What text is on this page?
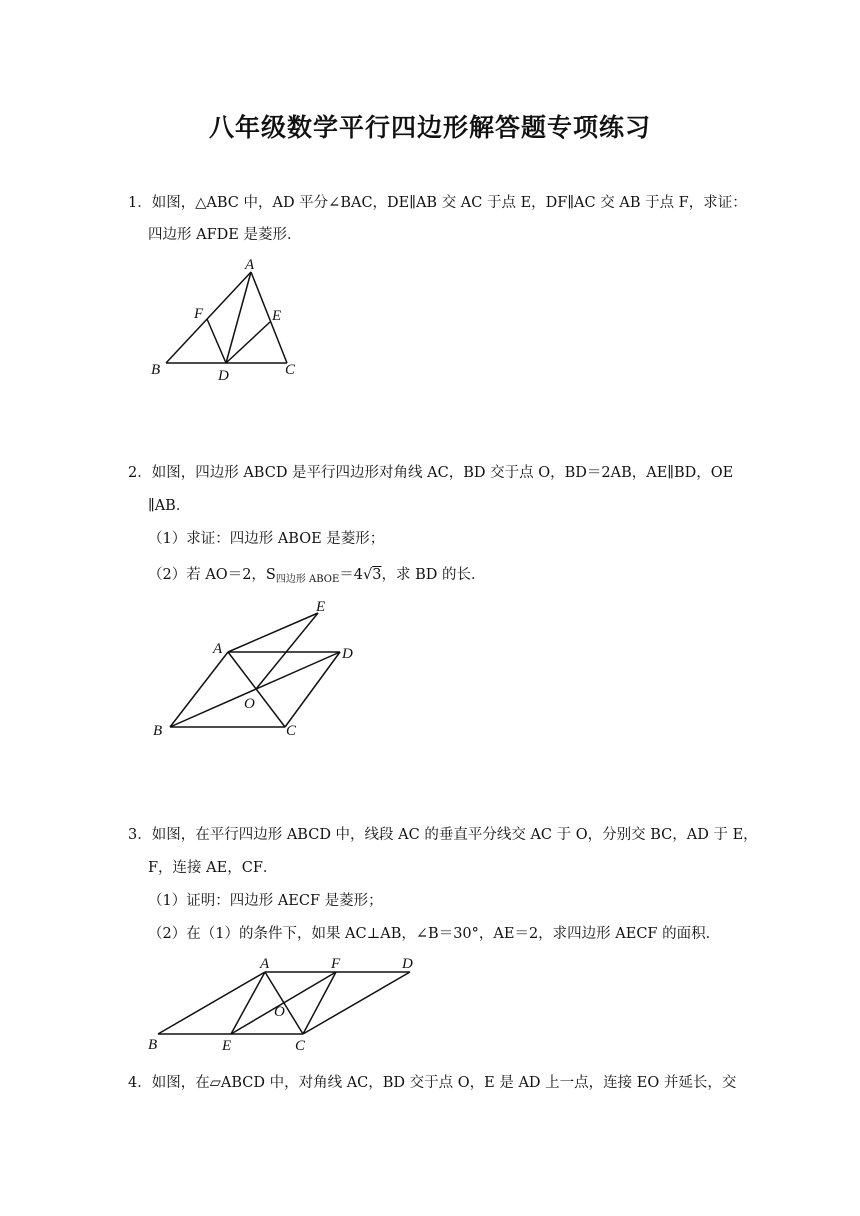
八年级数学平行四边形解答题专项练习
1．如图，△ABC 中，AD 平分∠BAC，DE∥AB 交 AC 于点 E，DF∥AC 交 AB 于点 F，求证：
四边形 AFDE 是菱形．
A
F	E
B	D	C
2．如图，四边形 ABCD 是平行四边形对角线 AC，BD 交于点 O，BD＝2AB，AE∥BD，OE
∥AB．
（1）求证：四边形 ABOE 是菱形；
（2）若 AO＝2，$S_{四边形 ABOE}=4√3$，求 BD 的长．
E
A	D
O
B	C
3．如图，在平行四边形 ABCD 中，线段 AC 的垂直平分线交 AC 于 O，分别交 BC，AD 于 E，
F，连接 AE，CF．
（1）证明：四边形 AECF 是菱形；
（2）在（1）的条件下，如果 AC⊥AB，∠B＝30°，AE＝2，求四边形 AECF 的面积．
A	F	D
O
B	E	C
4．如图，在▱ABCD 中，对角线 AC，BD 交于点 O，E 是 AD 上一点，连接 EO 并延长，交
